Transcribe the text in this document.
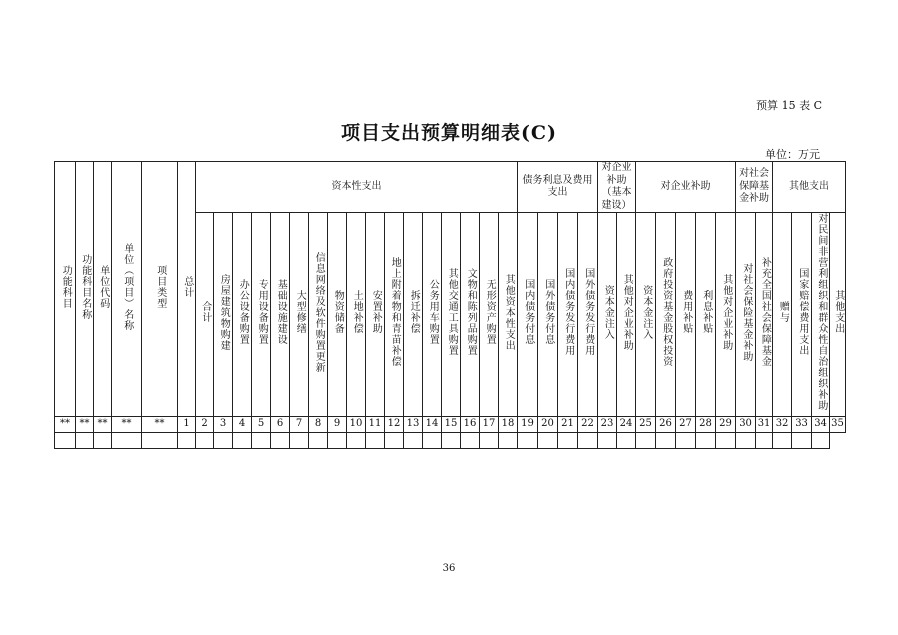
预算 15 表 C
项目支出预算明细表(C)
单位：万元
功能科目	功能科目名称	单位代码	单位（项目）名称	项目类型	总计	资本性支出																	债务利息及费用支出				对企业补助（基本建设）		对企业补助					对社会保障基金补助		其他支出			
						合计	房屋建筑物购建	办公设备购置	专用设备购置	基础设施建设	大型修缮	信息网络及软件购置更新	物资储备	土地补偿	安置补助	地上附着物和青苗补偿	拆迁补偿	公务用车购置	其他交通工具购置	文物和陈列品购置	无形资产购置	其他资本性支出	国内债务付息	国外债务付息	国内债务发行费用	国外债务发行费用	资本金注入	其他对企业补助	资本金注入	政府投资基金股权投资	费用补贴	利息补贴	其他对企业补助	对社会保险基金补助	补充全国社会保障基金	赠与	国家赔偿费用支出	对民间非营利组织和群众性自治组织补助	其他支出
**	**	**	**	**	1	2	3	4	5	6	7	8	9	10	11	12	13	14	15	16	17	18	19	20	21	22	23	24	25	26	27	28	29	30	31	32	33	34	35

36
